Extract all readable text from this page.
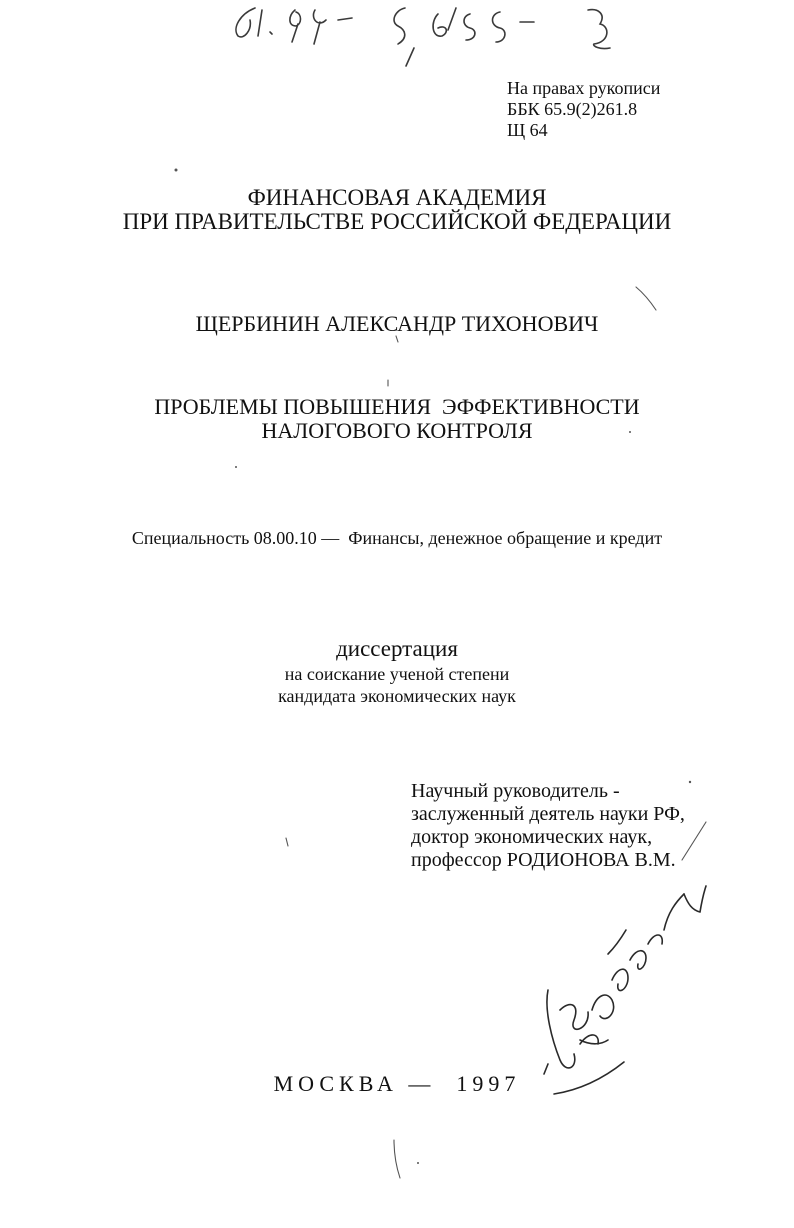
На правах рукописи
ББК 65.9(2)261.8
Щ 64
ФИНАНСОВАЯ АКАДЕМИЯ
ПРИ ПРАВИТЕЛЬСТВЕ РОССИЙСКОЙ ФЕДЕРАЦИИ
ЩЕРБИНИН АЛЕКСАНДР ТИХОНОВИЧ
ПРОБЛЕМЫ ПОВЫШЕНИЯ  ЭФФЕКТИВНОСТИ
НАЛОГОВОГО КОНТРОЛЯ
Специальность 08.00.10 —  Финансы, денежное обращение и кредит
диссертация
на соискание ученой степени
кандидата экономических наук
Научный руководитель -
заслуженный деятель науки РФ,
доктор экономических наук,
профессор РОДИОНОВА В.М.
МОСКВА —  1997
